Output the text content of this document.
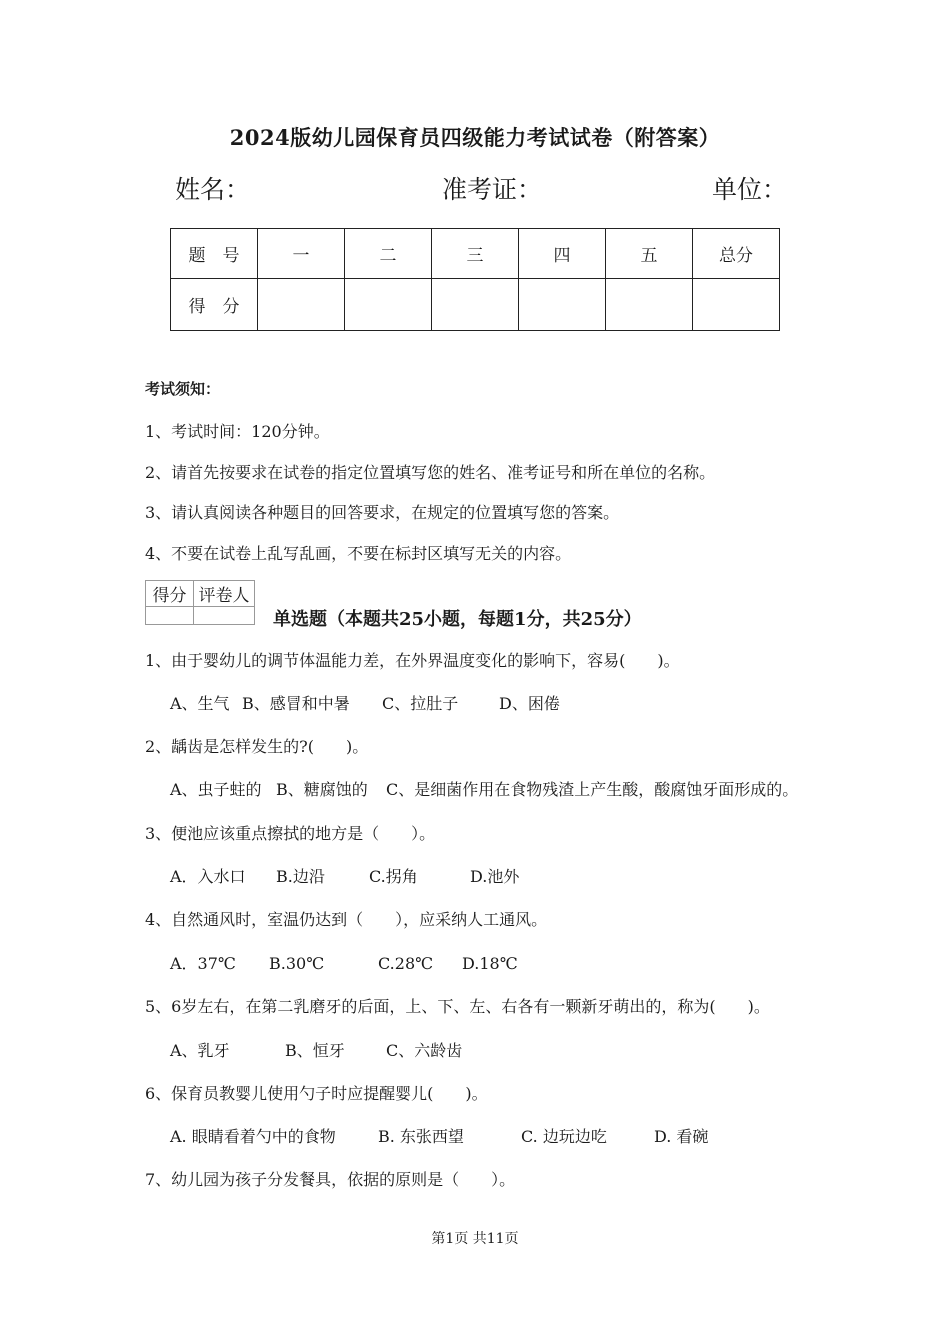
2024版幼儿园保育员四级能力考试试卷（附答案）
姓名：	准考证：	单位：
题　号	一	二	三	四	五	总分
得　分						
考试须知：
1、考试时间：120分钟。
2、请首先按要求在试卷的指定位置填写您的姓名、准考证号和所在单位的名称。
3、请认真阅读各种题目的回答要求，在规定的位置填写您的答案。
4、不要在试卷上乱写乱画，不要在标封区填写无关的内容。
得分	评卷人

单选题（本题共25小题，每题1分，共25分）
1、由于婴幼儿的调节体温能力差，在外界温度变化的影响下，容易(　　)。
A、生气 B、感冒和中暑 C、拉肚子	D、困倦
2、龋齿是怎样发生的?(　　)。
A、虫子蛀的 B、糖腐蚀的 C、是细菌作用在食物残渣上产生酸，酸腐蚀牙面形成的。
3、便池应该重点擦拭的地方是（　　）。
A．入水口 B.边沿	C.拐角	D.池外
4、自然通风时，室温仍达到（　　），应采纳人工通风。
A．37℃ B.30℃	C.28℃ D.18℃
5、6岁左右，在第二乳磨牙的后面，上、下、左、右各有一颗新牙萌出的，称为(　　)。
A、乳牙	B、恒牙	C、六龄齿
6、保育员教婴儿使用勺子时应提醒婴儿(　　)。
A. 眼睛看着勺中的食物	B. 东张西望	C. 边玩边吃	D. 看碗
7、幼儿园为孩子分发餐具，依据的原则是（　　）。
第1页 共11页
